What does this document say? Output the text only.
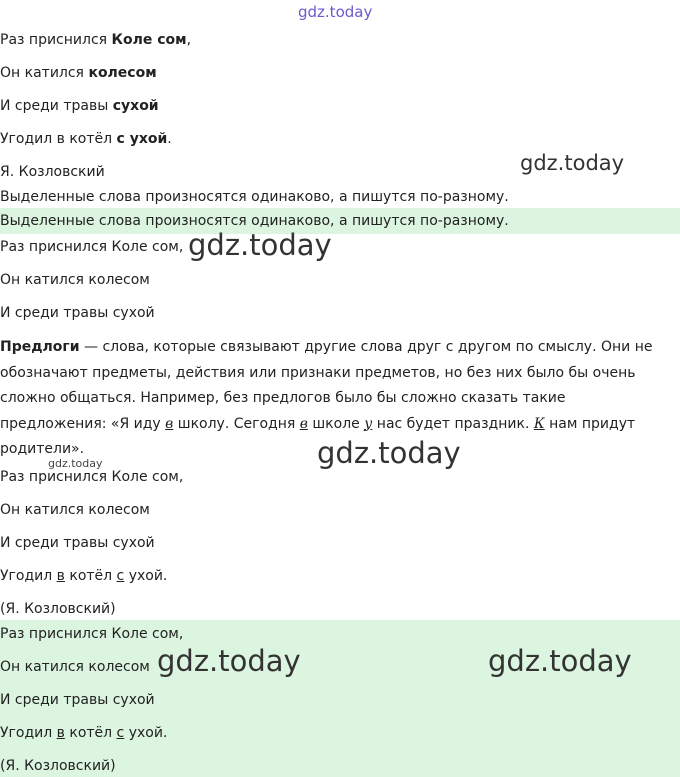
gdz.today
Раз приснился Коле сом,
Он катился колесом
И среди травы сухой
Угодил в котёл с ухой.
Я. Козловский	gdz.today
Выделенные слова произносятся одинаково, а пишутся по-разному.
Выделенные слова произносятся одинаково, а пишутся по-разному.
Раз приснился Коле сом, gdz.today
Он катился колесом
И среди травы сухой
Предлоги — слова, которые связывают другие слова друг с другом по смыслу. Они не обозначают предметы, действия или признаки предметов, но без них было бы очень сложно общаться. Например, без предлогов было бы сложно сказать такие предложения: «Я иду в школу. Сегодня в школе у нас будет праздник. К нам придут родители».	gdz.today
gdz.today
Раз приснился Коле сом,
Он катился колесом
И среди травы сухой
Угодил в котёл с ухой.
(Я. Козловский)
Раз приснился Коле сом,
Он катился колесом gdz.today	gdz.today
И среди травы сухой
Угодил в котёл с ухой.
(Я. Козловский)
